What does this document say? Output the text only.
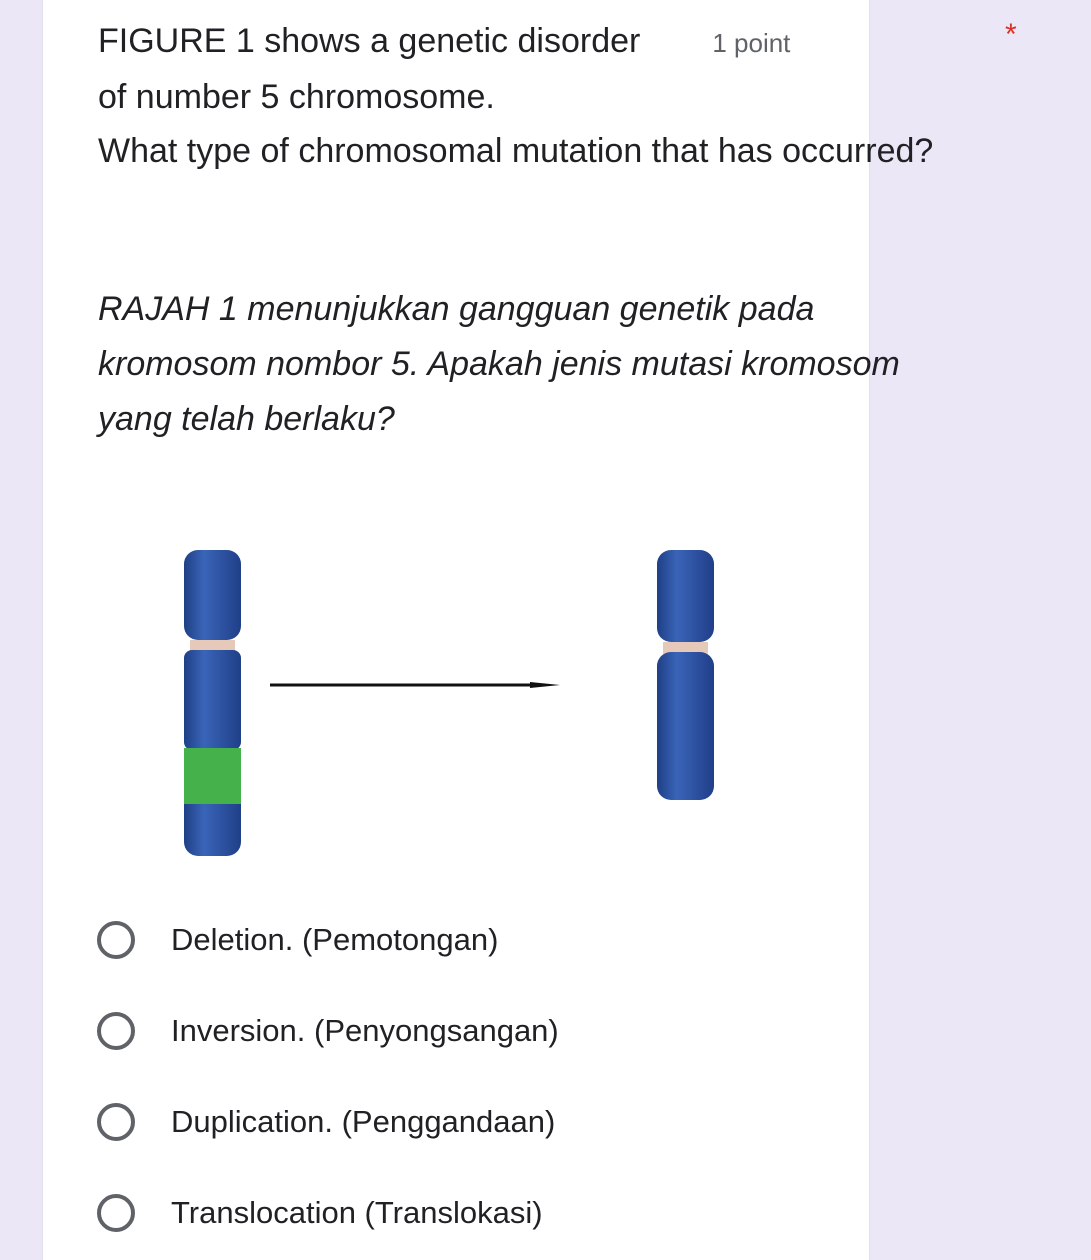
FIGURE 1 shows a genetic disorder	1 point
of number 5 chromosome.
What type of chromosomal mutation that has occurred?
*
RAJAH 1 menunjukkan gangguan genetik pada
kromosom nombor 5. Apakah jenis mutasi kromosom
yang telah berlaku?
Deletion. (Pemotongan)
Inversion. (Penyongsangan)
Duplication. (Penggandaan)
Translocation (Translokasi)
